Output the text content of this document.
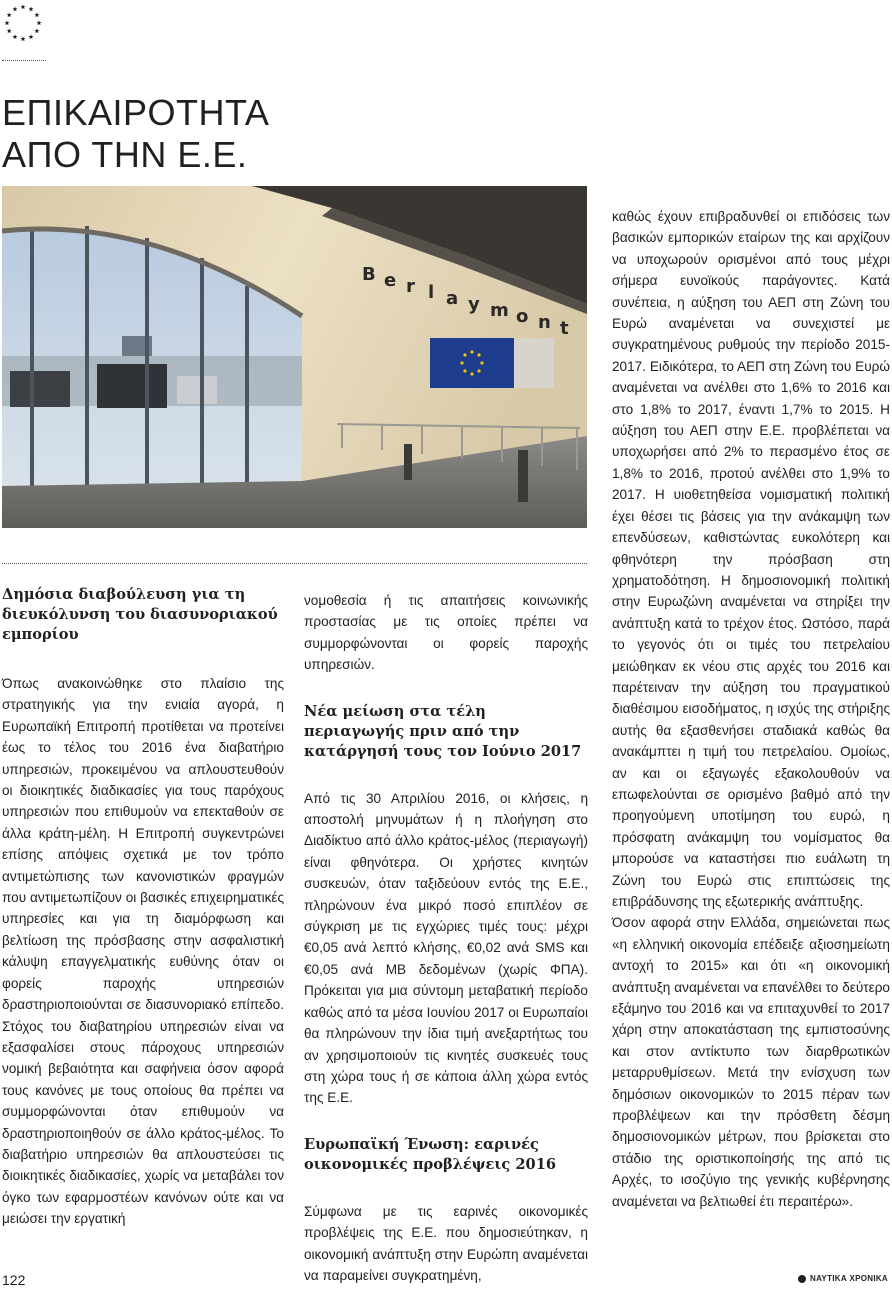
ΕΠΙΚΑΙΡΟΤΗΤΑ
ΑΠΟ ΤΗΝ Ε.Ε.
B e r l a y m o n t
Δημόσια διαβούλευση για τη διευκόλυνση του διασυνοριακού εμπορίου

Όπως ανακοινώθηκε στο πλαίσιο της στρατηγικής για την ενιαία αγορά, η Ευρωπαϊκή Επιτροπή προτίθεται να προτείνει έως το τέλος του 2016 ένα διαβατήριο υπηρεσιών, προκειμένου να απλουστευθούν οι διοικητικές διαδικασίες για τους παρόχους υπηρεσιών που επιθυμούν να επεκταθούν σε άλλα κράτη-μέλη. Η Επιτροπή συγκεντρώνει επίσης απόψεις σχετικά με τον τρόπο αντιμετώπισης των κανονιστικών φραγμών που αντιμετωπίζουν οι βασικές επιχειρηματικές υπηρεσίες και για τη διαμόρφωση και βελτίωση της πρόσβασης στην ασφαλιστική κάλυψη επαγγελματικής ευθύνης όταν οι φορείς παροχής υπηρεσιών δραστηριοποιούνται σε διασυνοριακό επίπεδο. Στόχος του διαβατηρίου υπηρεσιών είναι να εξασφαλίσει στους πάροχους υπηρεσιών νομική βεβαιότητα και σαφήνεια όσον αφορά τους κανόνες με τους οποίους θα πρέπει να συμμορφώνονται όταν επιθυμούν να δραστηριοποιηθούν σε άλλο κράτος-μέλος. Το διαβατήριο υπηρεσιών θα απλουστεύσει τις διοικητικές διαδικασίες, χωρίς να μεταβάλει τον όγκο των εφαρμοστέων κανόνων ούτε και να μειώσει την εργατική

νομοθεσία ή τις απαιτήσεις κοινωνικής προστασίας με τις οποίες πρέπει να συμμορφώνονται οι φορείς παροχής υπηρεσιών.

Νέα μείωση στα τέλη περιαγωγής πριν από την κατάργησή τους τον Ιούνιο 2017

Από τις 30 Απριλίου 2016, οι κλήσεις, η αποστολή μηνυμάτων ή η πλοήγηση στο Διαδίκτυο από άλλο κράτος-μέλος (περιαγωγή) είναι φθηνότερα. Οι χρήστες κινητών συσκευών, όταν ταξιδεύουν εντός της Ε.Ε., πληρώνουν ένα μικρό ποσό επιπλέον σε σύγκριση με τις εγχώριες τιμές τους: μέχρι €0,05 ανά λεπτό κλήσης, €0,02 ανά SMS και €0,05 ανά MB δεδομένων (χωρίς ΦΠΑ). Πρόκειται για μια σύντομη μεταβατική περίοδο καθώς από τα μέσα Ιουνίου 2017 οι Ευρωπαίοι θα πληρώνουν την ίδια τιμή ανεξαρτήτως του αν χρησιμοποιούν τις κινητές συσκευές τους στη χώρα τους ή σε κάποια άλλη χώρα εντός της Ε.Ε.

Ευρωπαϊκή Ένωση: εαρινές οικονομικές προβλέψεις 2016

Σύμφωνα με τις εαρινές οικονομικές προβλέψεις της Ε.Ε. που δημοσιεύτηκαν, η οικονομική ανάπτυξη στην Ευρώπη αναμένεται να παραμείνει συγκρατημένη,

καθώς έχουν επιβραδυνθεί οι επιδόσεις των βασικών εμπορικών εταίρων της και αρχίζουν να υποχωρούν ορισμένοι από τους μέχρι σήμερα ευνοϊκούς παράγοντες. Κατά συνέπεια, η αύξηση του ΑΕΠ στη Ζώνη του Ευρώ αναμένεται να συνεχιστεί με συγκρατημένους ρυθμούς την περίοδο 2015-2017. Ειδικότερα, το ΑΕΠ στη Ζώνη του Ευρώ αναμένεται να ανέλθει στο 1,6% το 2016 και στο 1,8% το 2017, έναντι 1,7% το 2015. Η αύξηση του ΑΕΠ στην Ε.Ε. προβλέπεται να υποχωρήσει από 2% το περασμένο έτος σε 1,8% το 2016, προτού ανέλθει στο 1,9% το 2017. Η υιοθετηθείσα νομισματική πολιτική έχει θέσει τις βάσεις για την ανάκαμψη των επενδύσεων, καθιστώντας ευκολότερη και φθηνότερη την πρόσβαση στη χρηματοδότηση. Η δημοσιονομική πολιτική στην Ευρωζώνη αναμένεται να στηρίξει την ανάπτυξη κατά το τρέχον έτος. Ωστόσο, παρά το γεγονός ότι οι τιμές του πετρελαίου μειώθηκαν εκ νέου στις αρχές του 2016 και παρέτειναν την αύξηση του πραγματικού διαθέσιμου εισοδήματος, η ισχύς της στήριξης αυτής θα εξασθενήσει σταδιακά καθώς θα ανακάμπτει η τιμή του πετρελαίου. Ομοίως, αν και οι εξαγωγές εξακολουθούν να επωφελούνται σε ορισμένο βαθμό από την προηγούμενη υποτίμηση του ευρώ, η πρόσφατη ανάκαμψη του νομίσματος θα μπορούσε να καταστήσει πιο ευάλωτη τη Ζώνη του Ευρώ στις επιπτώσεις της επιβράδυνσης της εξωτερικής ανάπτυξης.

Όσον αφορά στην Ελλάδα, σημειώνεται πως «η ελληνική οικονομία επέδειξε αξιοσημείωτη αντοχή το 2015» και ότι «η οικονομική ανάπτυξη αναμένεται να επανέλθει το δεύτερο εξάμηνο του 2016 και να επιταχυνθεί το 2017 χάρη στην αποκατάσταση της εμπιστοσύνης και στον αντίκτυπο των διαρθρωτικών μεταρρυθμίσεων. Μετά την ενίσχυση των δημόσιων οικονομικών το 2015 πέραν των προβλέψεων και την πρόσθετη δέσμη δημοσιονομικών μέτρων, που βρίσκεται στο στάδιο της οριστικοποίησής της από τις Αρχές, το ισοζύγιο της γενικής κυβέρνησης αναμένεται να βελτιωθεί έτι περαιτέρω».

122	ΝΑΥΤΙΚΑ ΧΡΟΝΙΚΑ
